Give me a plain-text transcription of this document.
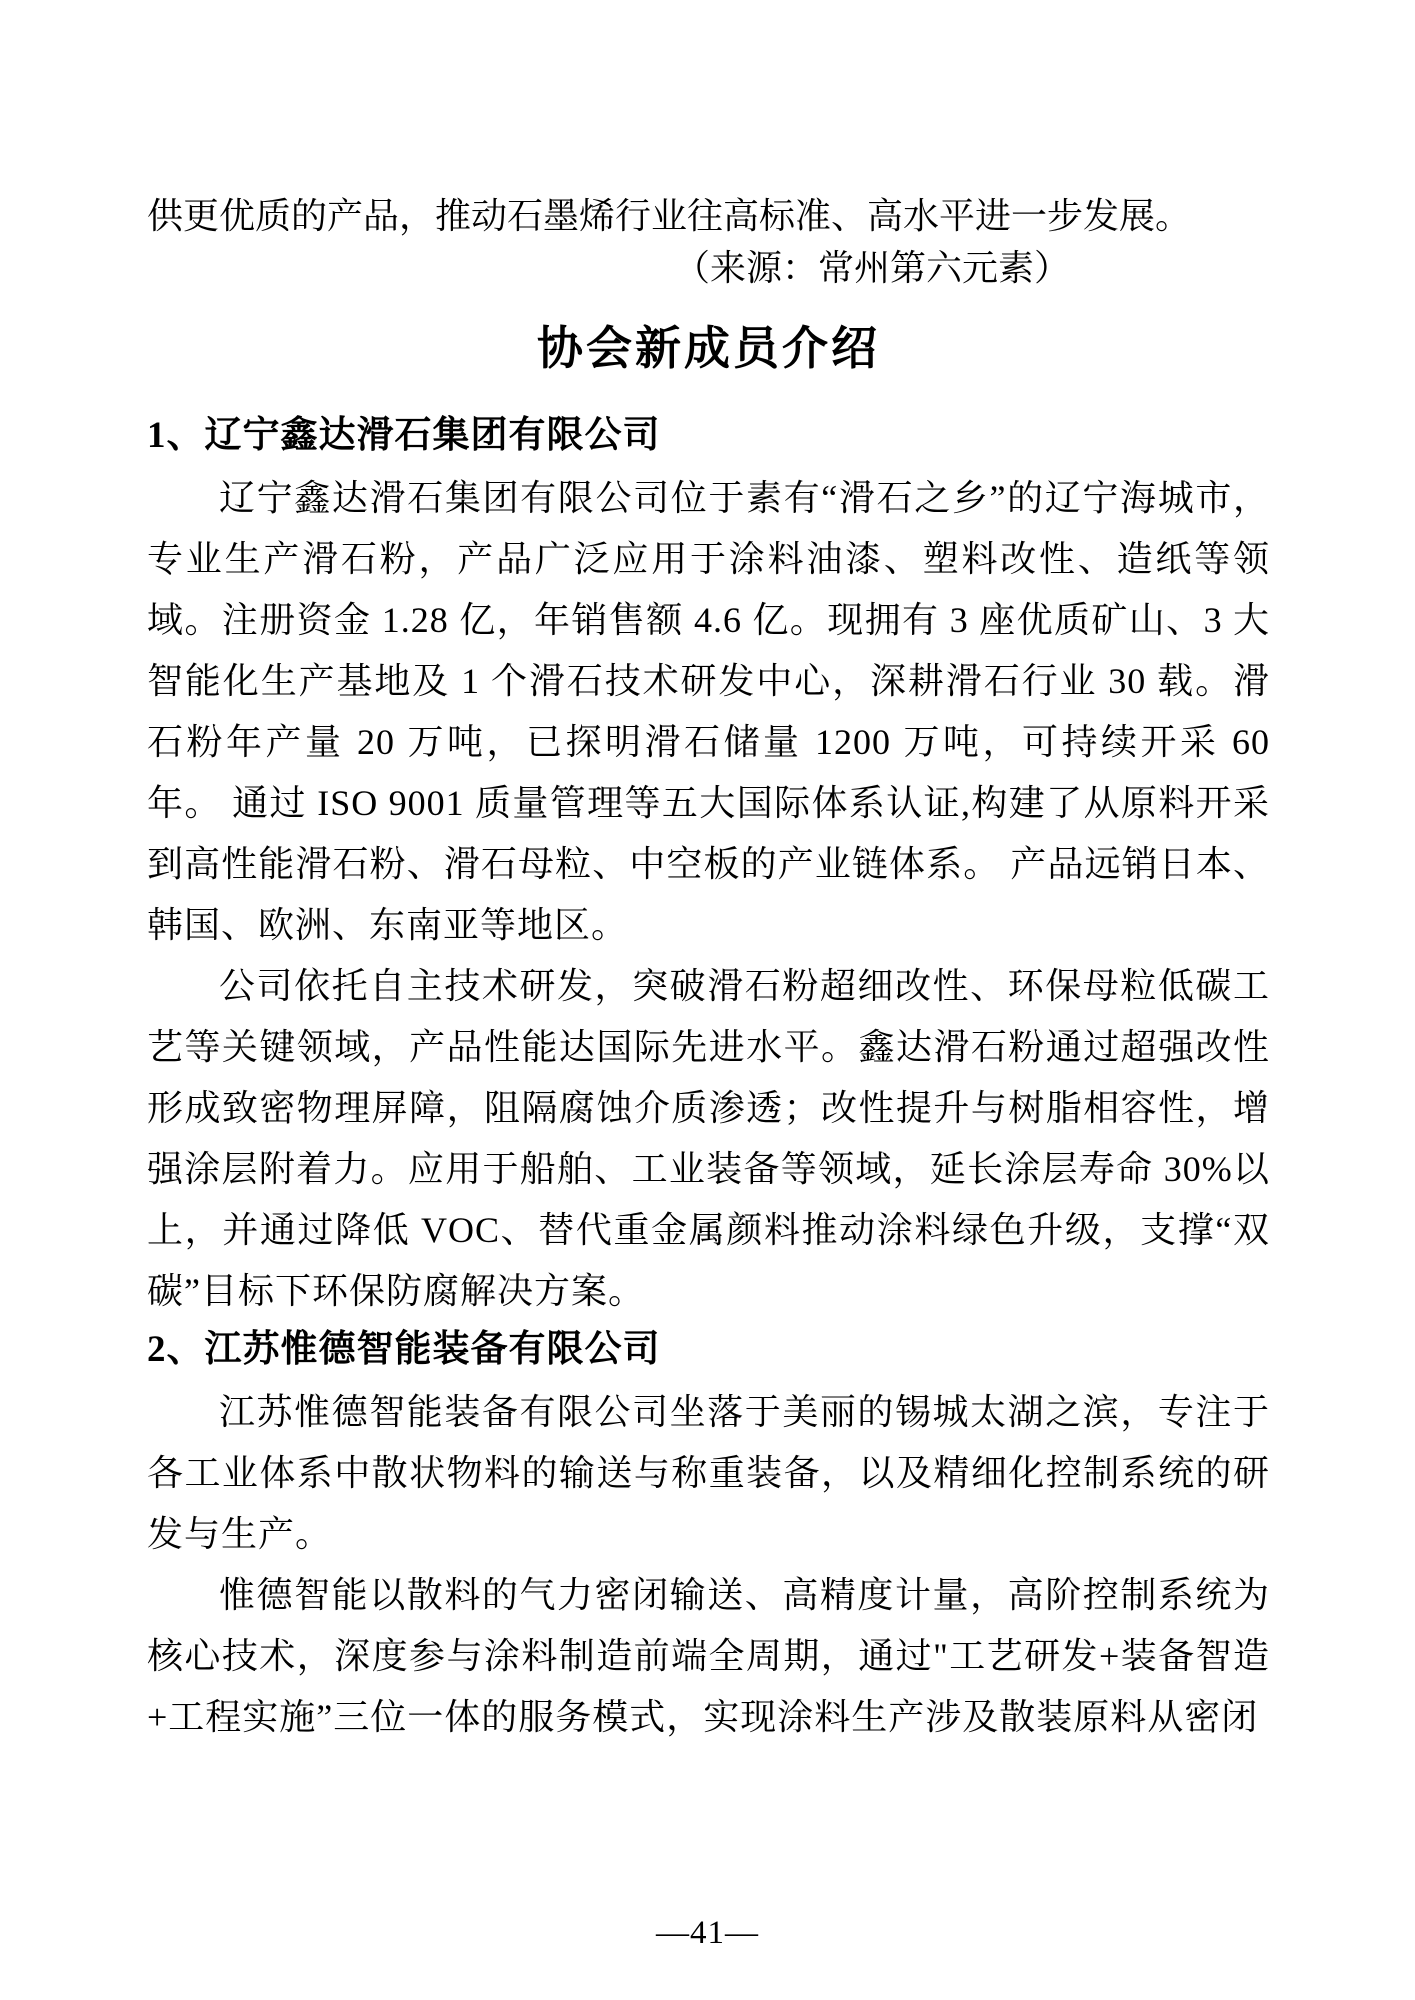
供更优质的产品，推动石墨烯行业往高标准、高水平进一步发展。

（来源：常州第六元素）

协会新成员介绍
1、辽宁鑫达滑石集团有限公司

辽宁鑫达滑石集团有限公司位于素有“滑石之乡”的辽宁海城市，专业生产滑石粉，产品广泛应用于涂料油漆、塑料改性、造纸等领域。注册资金 1.28 亿，年销售额 4.6 亿。现拥有 3 座优质矿山、3 大智能化生产基地及 1 个滑石技术研发中心，深耕滑石行业 30 载。滑石粉年产量 20 万吨，已探明滑石储量 1200 万吨，可持续开采 60 年。 通过 ISO 9001 质量管理等五大国际体系认证,构建了从原料开采到高性能滑石粉、滑石母粒、中空板的产业链体系。 产品远销日本、韩国、欧洲、东南亚等地区。

公司依托自主技术研发，突破滑石粉超细改性、环保母粒低碳工艺等关键领域，产品性能达国际先进水平。鑫达滑石粉通过超强改性形成致密物理屏障，阻隔腐蚀介质渗透；改性提升与树脂相容性，增强涂层附着力。应用于船舶、工业装备等领域，延长涂层寿命 30%以上，并通过降低 VOC、替代重金属颜料推动涂料绿色升级，支撑“双碳”目标下环保防腐解决方案。

2、江苏惟德智能装备有限公司

江苏惟德智能装备有限公司坐落于美丽的锡城太湖之滨，专注于各工业体系中散状物料的输送与称重装备，以及精细化控制系统的研发与生产。

惟德智能以散料的气力密闭输送、高精度计量，高阶控制系统为核心技术，深度参与涂料制造前端全周期，通过"工艺研发+装备智造+工程实施”三位一体的服务模式，实现涂料生产涉及散装原料从密闭

—41—
